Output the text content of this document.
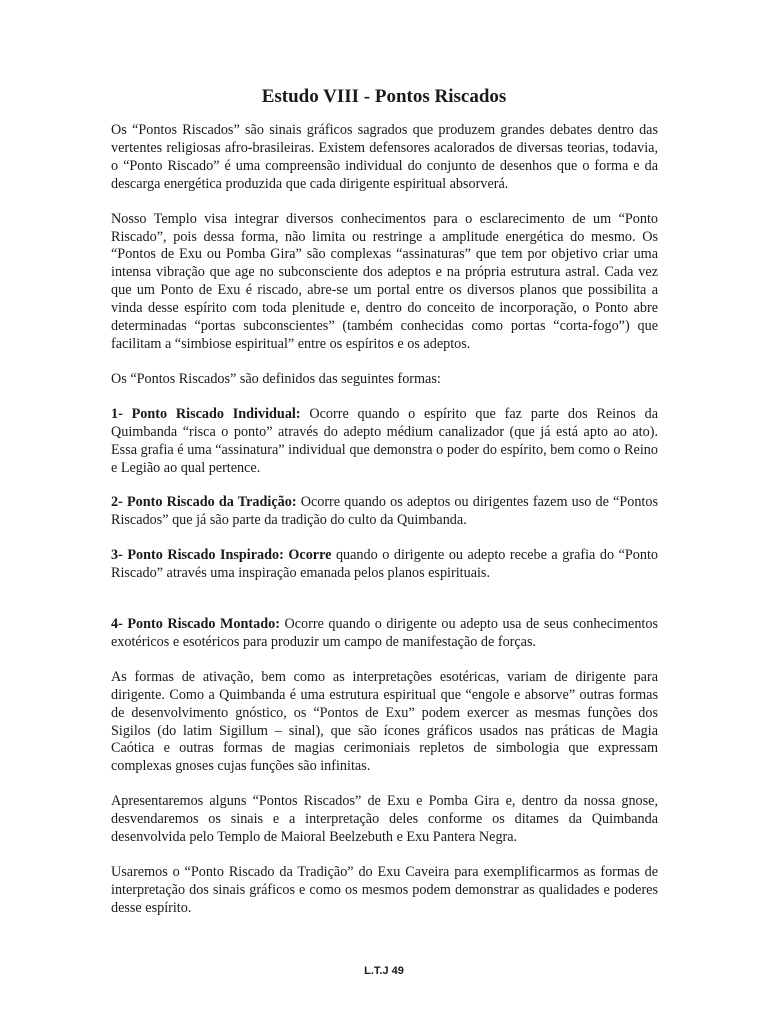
Estudo VIII - Pontos Riscados

Os “Pontos Riscados” são sinais gráficos sagrados que produzem grandes debates dentro das vertentes religiosas afro-brasileiras. Existem defensores acalorados de diversas teorias, todavia, o “Ponto Riscado” é uma compreensão individual do conjunto de desenhos que o forma e da descarga energética produzida que cada dirigente espiritual absorverá.

Nosso Templo visa integrar diversos conhecimentos para o esclarecimento de um “Ponto Riscado”, pois dessa forma, não limita ou restringe a amplitude energética do mesmo. Os “Pontos de Exu ou Pomba Gira” são complexas “assinaturas” que tem por objetivo criar uma intensa vibração que age no subconsciente dos adeptos e na própria estrutura astral. Cada vez que um Ponto de Exu é riscado, abre-se um portal entre os diversos planos que possibilita a vinda desse espírito com toda plenitude e, dentro do conceito de incorporação, o Ponto abre determinadas “portas subconscientes” (também conhecidas como portas “corta-fogo”) que facilitam a “simbiose espiritual” entre os espíritos e os adeptos.

Os “Pontos Riscados” são definidos das seguintes formas:

1- Ponto Riscado Individual: Ocorre quando o espírito que faz parte dos Reinos da Quimbanda “risca o ponto” através do adepto médium canalizador (que já está apto ao ato). Essa grafia é uma “assinatura” individual que demonstra o poder do espírito, bem como o Reino e Legião ao qual pertence.

2- Ponto Riscado da Tradição: Ocorre quando os adeptos ou dirigentes fazem uso de “Pontos Riscados” que já são parte da tradição do culto da Quimbanda.

3- Ponto Riscado Inspirado: Ocorre quando o dirigente ou adepto recebe a grafia do “Ponto Riscado” através uma inspiração emanada pelos planos espirituais.

4- Ponto Riscado Montado: Ocorre quando o dirigente ou adepto usa de seus conhecimentos exotéricos e esotéricos para produzir um campo de manifestação de forças.

As formas de ativação, bem como as interpretações esotéricas, variam de dirigente para dirigente. Como a Quimbanda é uma estrutura espiritual que “engole e absorve” outras formas de desenvolvimento gnóstico, os “Pontos de Exu” podem exercer as mesmas funções dos Sigilos (do latim Sigillum – sinal), que são ícones gráficos usados nas práticas de Magia Caótica e outras formas de magias cerimoniais repletos de simbologia que expressam complexas gnoses cujas funções são infinitas.

Apresentaremos alguns “Pontos Riscados” de Exu e Pomba Gira e, dentro da nossa gnose, desvendaremos os sinais e a interpretação deles conforme os ditames da Quimbanda desenvolvida pelo Templo de Maioral Beelzebuth e Exu Pantera Negra.

Usaremos o “Ponto Riscado da Tradição” do Exu Caveira para exemplificarmos as formas de interpretação dos sinais gráficos e como os mesmos podem demonstrar as qualidades e poderes desse espírito.

L.T.J 49
